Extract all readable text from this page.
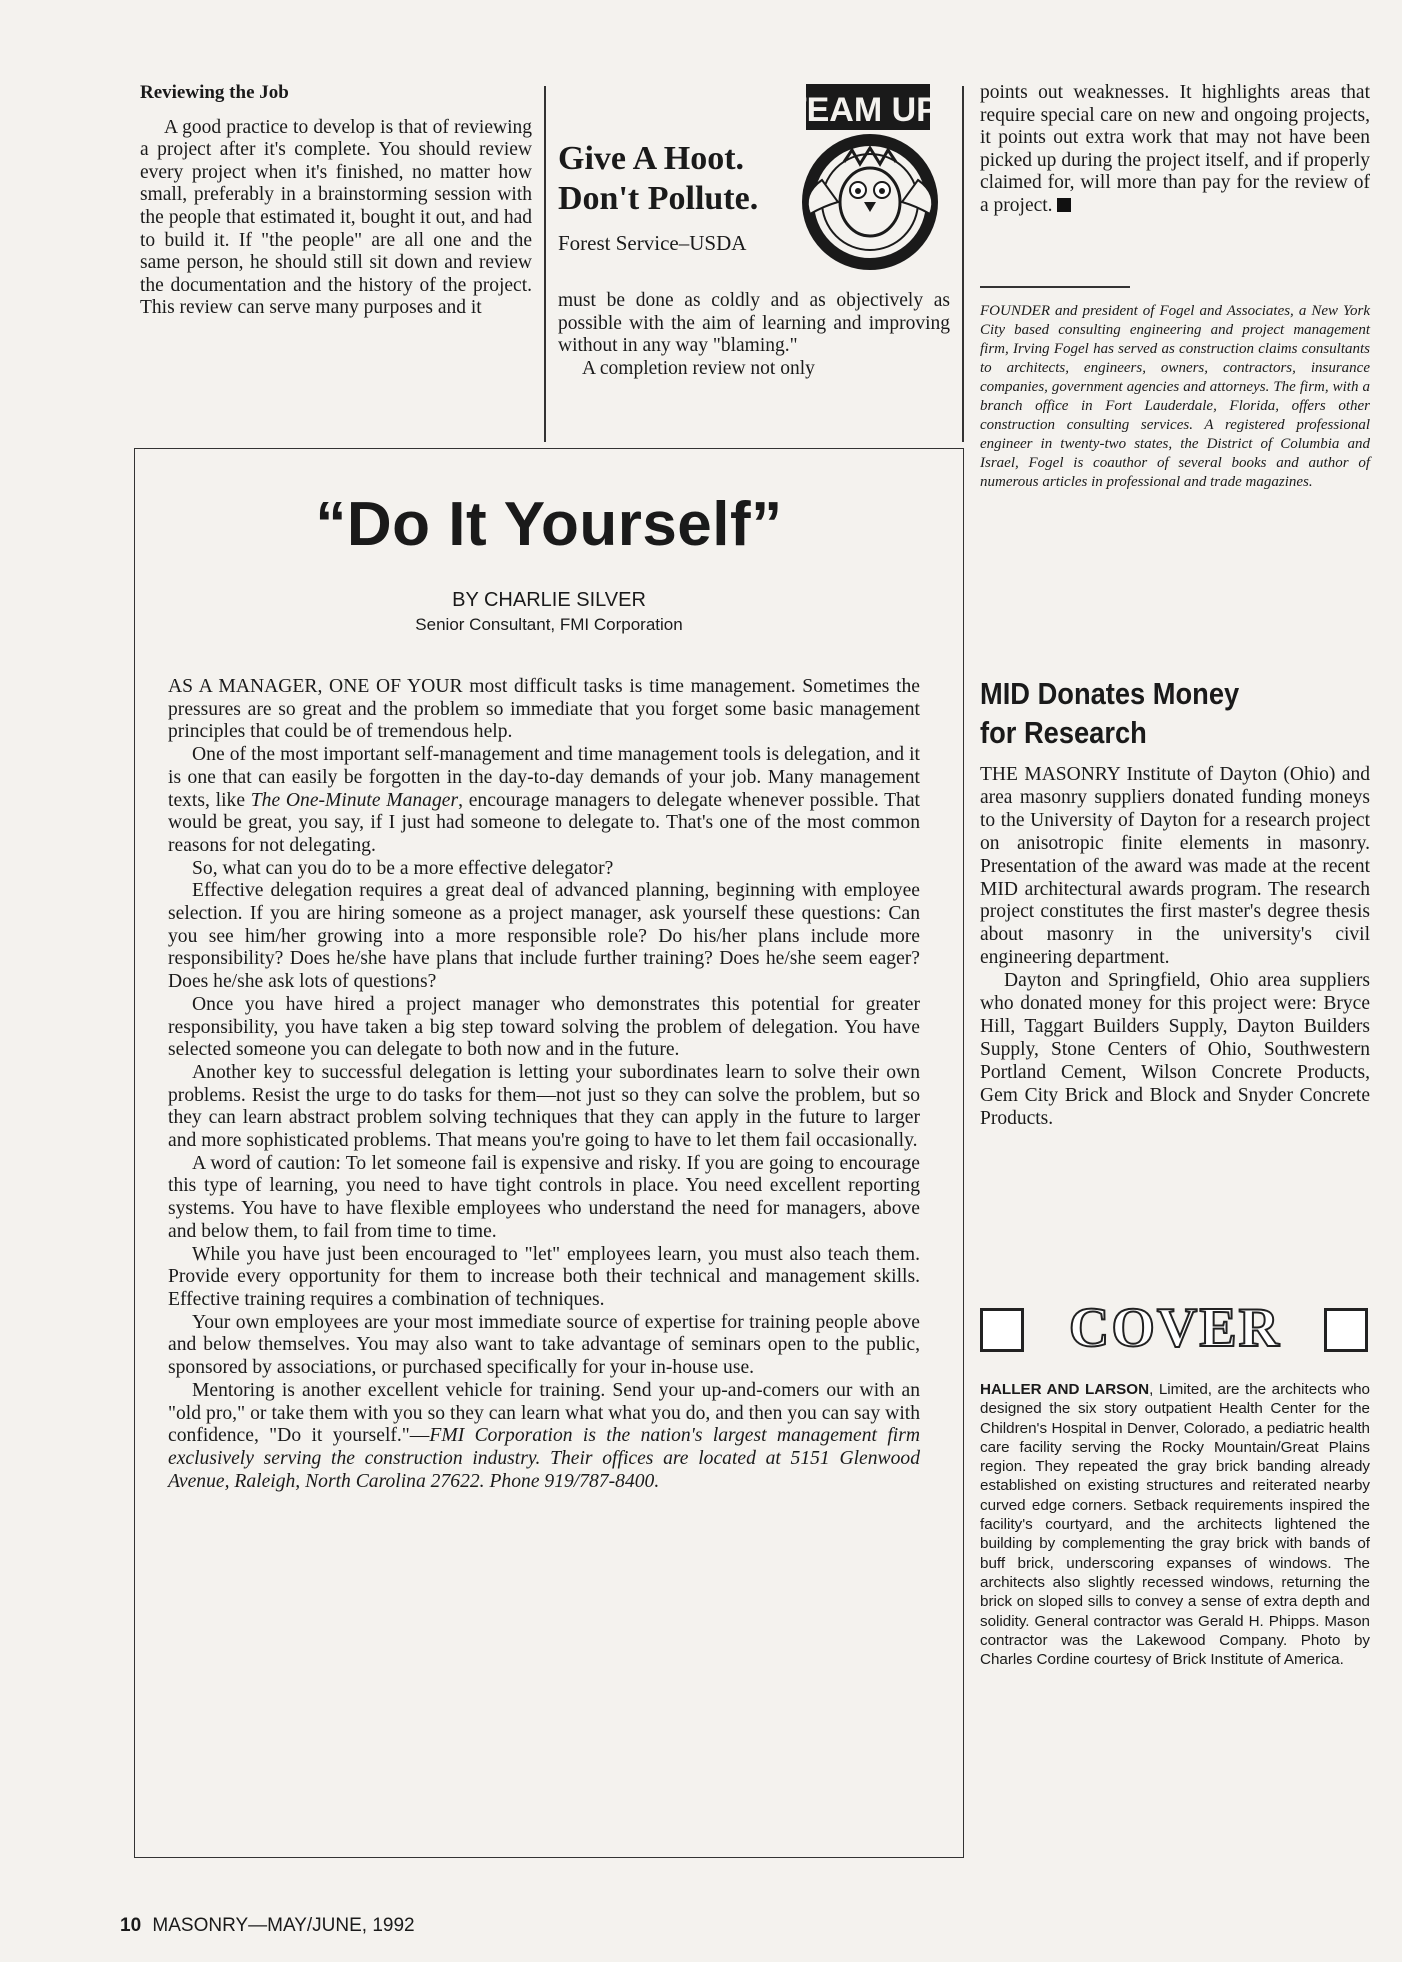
Reviewing the Job

A good practice to develop is that of reviewing a project after it's complete. You should review every project when it's finished, no matter how small, preferably in a brainstorming session with the people that estimated it, bought it out, and had to build it. If "the people" are all one and the same person, he should still sit down and review the documentation and the history of the project. This review can serve many purposes and it

Give A Hoot.
Don't Pollute.
Forest Service–USDA
TEAM UP!

must be done as coldly and as objectively as possible with the aim of learning and improving without in any way "blaming."

A completion review not only

points out weaknesses. It highlights areas that require special care on new and ongoing projects, it points out extra work that may not have been picked up during the project itself, and if properly claimed for, will more than pay for the review of a project.

FOUNDER and president of Fogel and Associates, a New York City based consulting engineering and project management firm, Irving Fogel has served as construction claims consultants to architects, engineers, owners, contractors, insurance companies, government agencies and attorneys. The firm, with a branch office in Fort Lauderdale, Florida, offers other construction consulting services. A registered professional engineer in twenty-two states, the District of Columbia and Israel, Fogel is coauthor of several books and author of numerous articles in professional and trade magazines.

MID Donates Money
for Research

THE MASONRY Institute of Dayton (Ohio) and area masonry suppliers donated funding moneys to the University of Dayton for a research project on anisotropic finite elements in masonry. Presentation of the award was made at the recent MID architectural awards program. The research project constitutes the first master's degree thesis about masonry in the university's civil engineering department.

Dayton and Springfield, Ohio area suppliers who donated money for this project were: Bryce Hill, Taggart Builders Supply, Dayton Builders Supply, Stone Centers of Ohio, Southwestern Portland Cement, Wilson Concrete Products, Gem City Brick and Block and Snyder Concrete Products.

COVER

HALLER AND LARSON, Limited, are the architects who designed the six story outpatient Health Center for the Children's Hospital in Denver, Colorado, a pediatric health care facility serving the Rocky Mountain/Great Plains region. They repeated the gray brick banding already established on existing structures and reiterated nearby curved edge corners. Setback requirements inspired the facility's courtyard, and the architects lightened the building by complementing the gray brick with bands of buff brick, underscoring expanses of windows. The architects also slightly recessed windows, returning the brick on sloped sills to convey a sense of extra depth and solidity. General contractor was Gerald H. Phipps. Mason contractor was the Lakewood Company. Photo by Charles Cordine courtesy of Brick Institute of America.

“Do It Yourself”
BY CHARLIE SILVER
Senior Consultant, FMI Corporation

AS A MANAGER, ONE OF YOUR most difficult tasks is time management. Sometimes the pressures are so great and the problem so immediate that you forget some basic management principles that could be of tremendous help.

One of the most important self-management and time management tools is delegation, and it is one that can easily be forgotten in the day-to-day demands of your job. Many management texts, like The One-Minute Manager, encourage managers to delegate whenever possible. That would be great, you say, if I just had someone to delegate to. That's one of the most common reasons for not delegating.

So, what can you do to be a more effective delegator?

Effective delegation requires a great deal of advanced planning, beginning with employee selection. If you are hiring someone as a project manager, ask yourself these questions: Can you see him/her growing into a more responsible role? Do his/her plans include more responsibility? Does he/she have plans that include further training? Does he/she seem eager? Does he/she ask lots of questions?

Once you have hired a project manager who demonstrates this potential for greater responsibility, you have taken a big step toward solving the problem of delegation. You have selected someone you can delegate to both now and in the future.

Another key to successful delegation is letting your subordinates learn to solve their own problems. Resist the urge to do tasks for them—not just so they can solve the problem, but so they can learn abstract problem solving techniques that they can apply in the future to larger and more sophisticated problems. That means you're going to have to let them fail occasionally.

A word of caution: To let someone fail is expensive and risky. If you are going to encourage this type of learning, you need to have tight controls in place. You need excellent reporting systems. You have to have flexible employees who understand the need for managers, above and below them, to fail from time to time.

While you have just been encouraged to "let" employees learn, you must also teach them. Provide every opportunity for them to increase both their technical and management skills. Effective training requires a combination of techniques.

Your own employees are your most immediate source of expertise for training people above and below themselves. You may also want to take advantage of seminars open to the public, sponsored by associations, or purchased specifically for your in-house use.

Mentoring is another excellent vehicle for training. Send your up-and-comers our with an "old pro," or take them with you so they can learn what what you do, and then you can say with confidence, "Do it yourself."—FMI Corporation is the nation's largest management firm exclusively serving the construction industry. Their offices are located at 5151 Glenwood Avenue, Raleigh, North Carolina 27622. Phone 919/787-8400.

10 MASONRY—MAY/JUNE, 1992
